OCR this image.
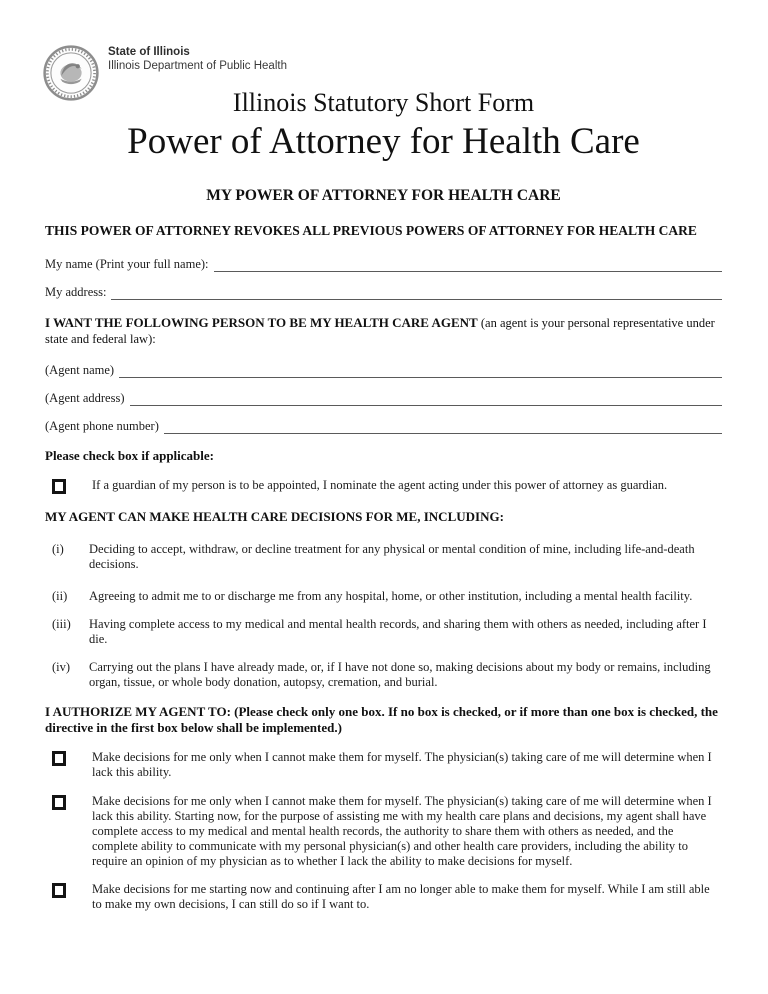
State of Illinois
Illinois Department of Public Health
Illinois Statutory Short Form
Power of Attorney for Health Care
MY POWER OF ATTORNEY FOR HEALTH CARE
THIS POWER OF ATTORNEY REVOKES ALL PREVIOUS POWERS OF ATTORNEY FOR HEALTH CARE
My name (Print your full name):
My address:
I WANT THE FOLLOWING PERSON TO BE MY HEALTH CARE AGENT (an agent is your personal representative under state and federal law):
(Agent name)
(Agent address)
(Agent phone number)
Please check box if applicable:
If a guardian of my person is to be appointed, I nominate the agent acting under this power of attorney as guardian.
MY AGENT CAN MAKE HEALTH CARE DECISIONS FOR ME, INCLUDING:
(i)	Deciding to accept, withdraw, or decline treatment for any physical or mental condition of mine, including life-and-death decisions.
(ii)	Agreeing to admit me to or discharge me from any hospital, home, or other institution, including a mental health facility.
(iii)	Having complete access to my medical and mental health records, and sharing them with others as needed, including after I die.
(iv)	Carrying out the plans I have already made, or, if I have not done so, making decisions about my body or remains, including organ, tissue, or whole body donation, autopsy, cremation, and burial.
I AUTHORIZE MY AGENT TO: (Please check only one box. If no box is checked, or if more than one box is checked, the directive in the first box below shall be implemented.)
Make decisions for me only when I cannot make them for myself. The physician(s) taking care of me will determine when I lack this ability.
Make decisions for me only when I cannot make them for myself. The physician(s) taking care of me will determine when I lack this ability. Starting now, for the purpose of assisting me with my health care plans and decisions, my agent shall have complete access to my medical and mental health records, the authority to share them with others as needed, and the complete ability to communicate with my personal physician(s) and other health care providers, including the ability to require an opinion of my physician as to whether I lack the ability to make decisions for myself.
Make decisions for me starting now and continuing after I am no longer able to make them for myself. While I am still able to make my own decisions, I can still do so if I want to.
